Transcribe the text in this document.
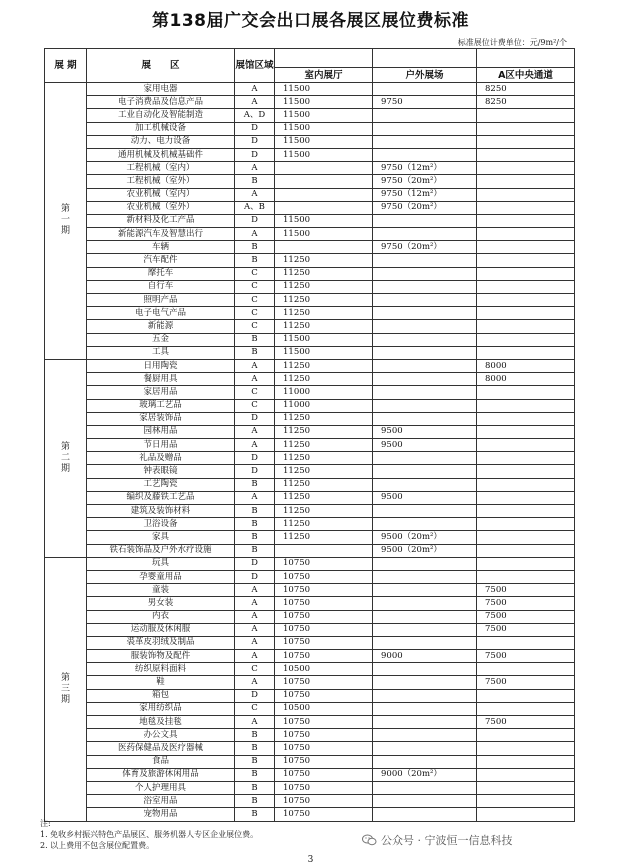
第138届广交会出口展各展区展位费标准
标准展位计费单位：元/9m²/个
展 期	展　　区	展馆区域			
			室内展厅	户外展场	A区中央通道

第
一
期	家用电器	A	11500		8250
	电子消费品及信息产品	A	11500	9750	8250
	工业自动化及智能制造	A、D	11500		
	加工机械设备	D	11500		
	动力、电力设备	D	11500		
	通用机械及机械基础件	D	11500		
	工程机械（室内）	A		9750（12m²）	
	工程机械（室外）	B		9750（20m²）	
	农业机械（室内）	A		9750（12m²）	
	农业机械（室外）	A、B		9750（20m²）	
	新材料及化工产品	D	11500		
	新能源汽车及智慧出行	A	11500		
	车辆	B		9750（20m²）	
	汽车配件	B	11250		
	摩托车	C	11250		
	自行车	C	11250		
	照明产品	C	11250		
	电子电气产品	C	11250		
	新能源	C	11250		
	五金	B	11500		
	工具	B	11500		

第
二
期	日用陶瓷	A	11250		8000
	餐厨用具	A	11250		8000
	家居用品	C	11000		
	玻璃工艺品	C	11000		
	家居装饰品	D	11250		
	园林用品	A	11250	9500	
	节日用品	A	11250	9500	
	礼品及赠品	D	11250		
	钟表眼镜	D	11250		
	工艺陶瓷	B	11250		
	编织及藤铁工艺品	A	11250	9500	
	建筑及装饰材料	B	11250		
	卫浴设备	B	11250		
	家具	B	11250	9500（20m²）	
	铁石装饰品及户外水疗设施	B		9500（20m²）	

第
三
期	玩具	D	10750		
	孕婴童用品	D	10750		
	童装	A	10750		7500
	男女装	A	10750		7500
	内衣	A	10750		7500
	运动服及休闲服	A	10750		7500
	裘革皮羽绒及制品	A	10750		
	服装饰物及配件	A	10750	9000	7500
	纺织原料面料	C	10500		
	鞋	A	10750		7500
	箱包	D	10750		
	家用纺织品	C	10500		
	地毯及挂毯	A	10750		7500
	办公文具	B	10750		
	医药保健品及医疗器械	B	10750		
	食品	B	10750		
	体育及旅游休闲用品	B	10750	9000（20m²）	
	个人护理用具	B	10750		
	浴室用品	B	10750		
	宠物用品	B	10750		
注:
1. 免收乡村振兴特色产品展区、服务机器人专区企业展位费。
2. 以上费用不包含展位配置费。	公众号 · 宁波恒一信息科技
3
